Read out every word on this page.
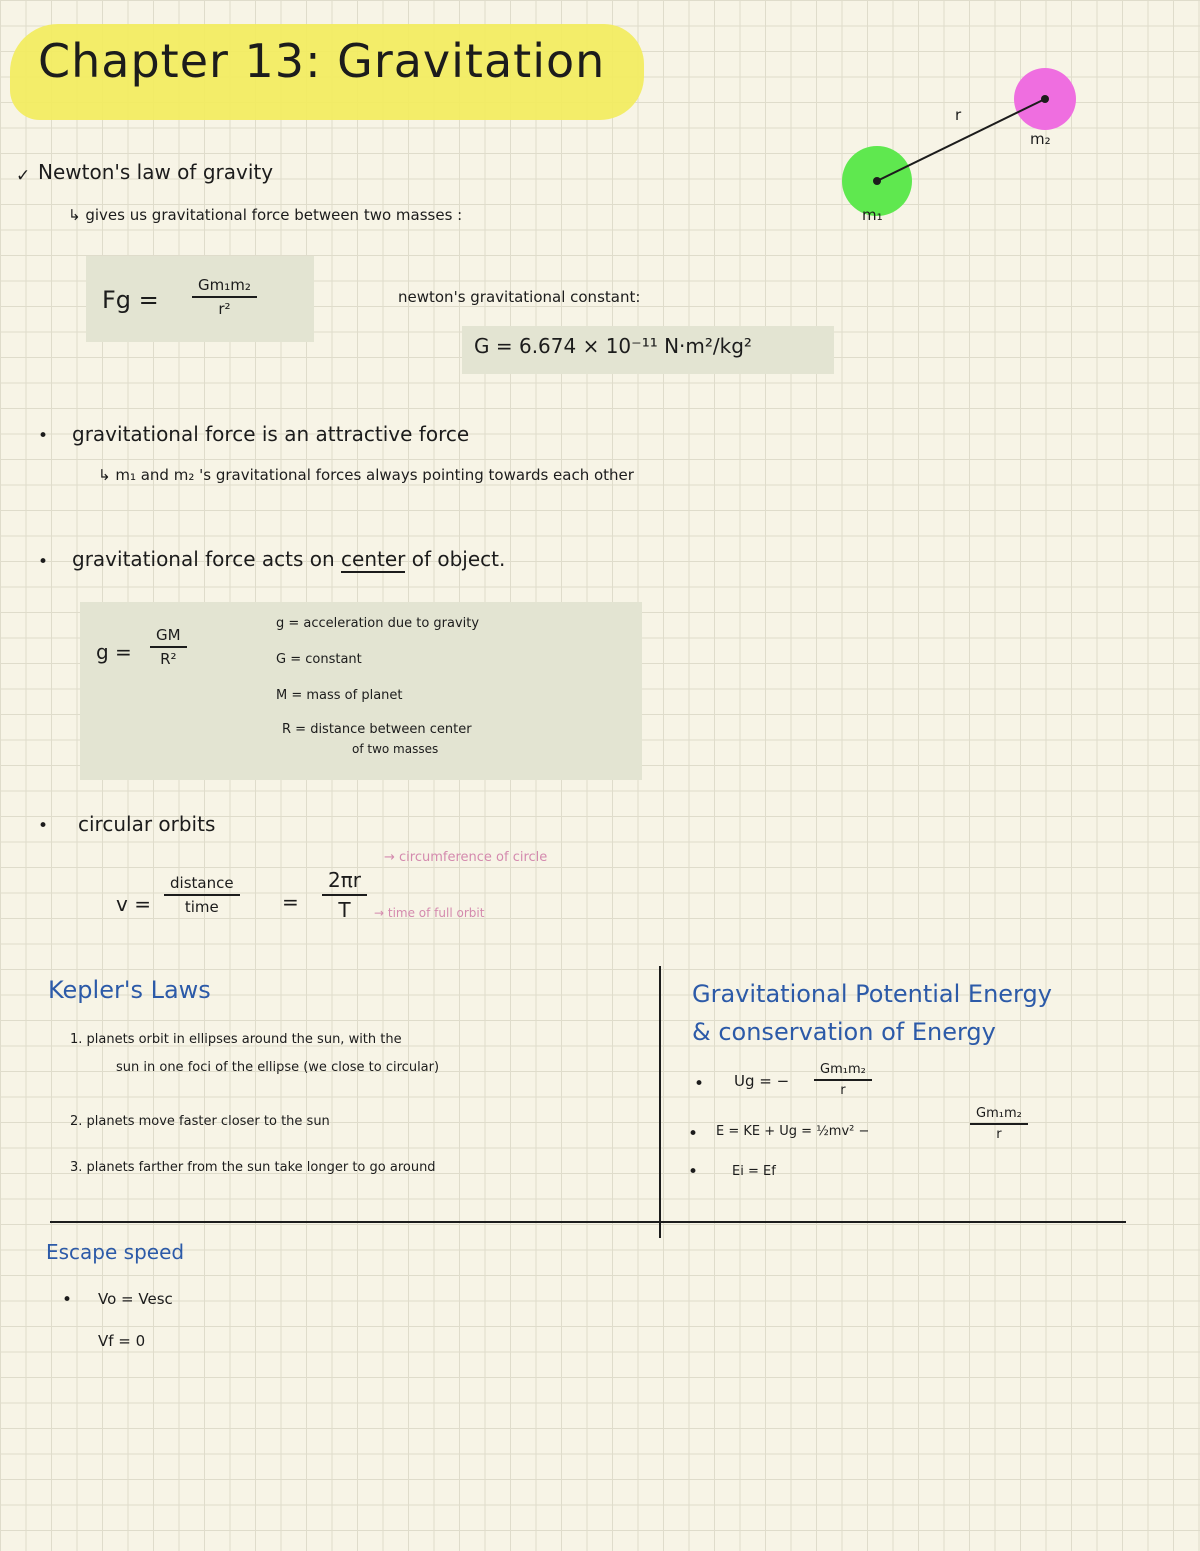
Chapter 13: Gravitation
r
m₂
m₁
✓ Newton's law of gravity
↳ gives us gravitational force between two masses :
$Fg = \frac{\text{Gm₁m₂}}{\text{r²}}$	newton's gravitational constant:
G = 6.674 × 10⁻¹¹ N·m²/kg²
• gravitational force is an attractive force
↳ m₁ and m₂ 's gravitational forces always pointing towards each other
• gravitational force acts on center of object.
$g = \frac{GM}{\text{R²}}$
g = acceleration due to gravity
G = constant
M = mass of planet
R = distance between center
of two masses
• circular orbits
v =
distance
time	= $\frac{2\pi r}{T}$
→ circumference of circle
→ time of full orbit
Kepler's Laws
1. planets orbit in ellipses around the sun, with the
sun in one foci of the ellipse (we close to circular)
2. planets move faster closer to the sun
3. planets farther from the sun take longer to go around
Gravitational Potential Energy
& conservation of Energy
• Ug = − $\frac{\text{Gm₁m₂}}{r}$
• E = KE + Ug = ½mv² −	$\frac{\text{Gm₁m₂}}{r}$
•	Ei = Ef
Escape speed
• Vo = Vesc
Vf = 0
